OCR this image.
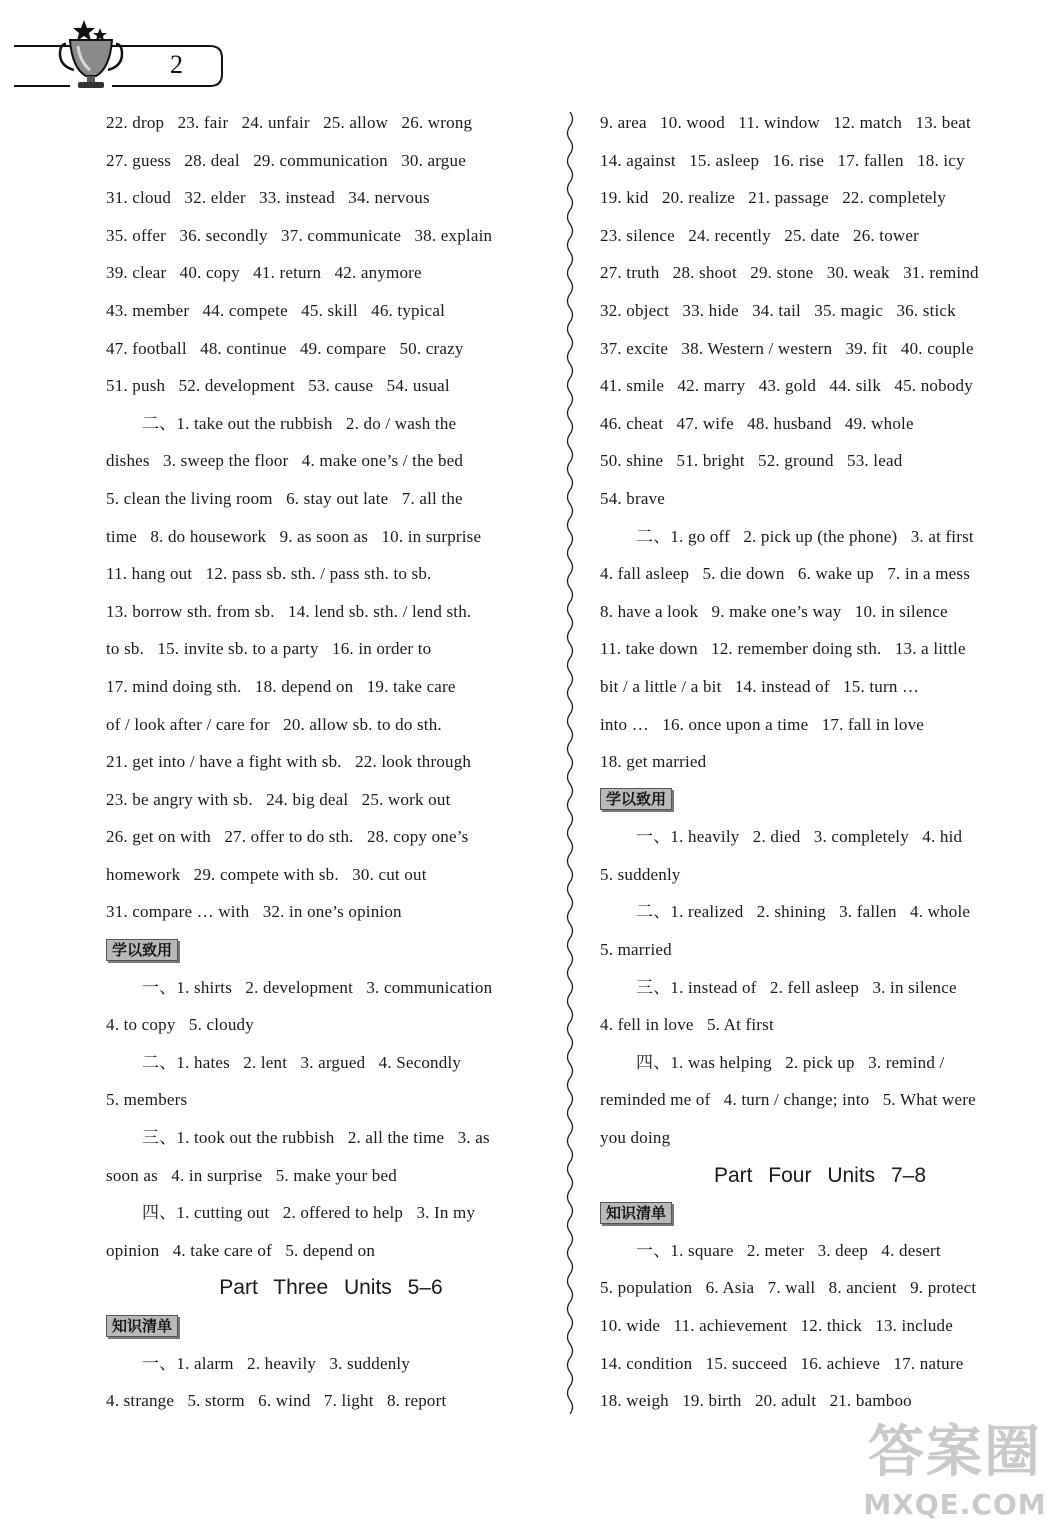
2
22. drop   23. fair   24. unfair   25. allow   26. wrong
27. guess   28. deal   29. communication   30. argue
31. cloud   32. elder   33. instead   34. nervous
35. offer   36. secondly   37. communicate   38. explain
39. clear   40. copy   41. return   42. anymore
43. member   44. compete   45. skill   46. typical
47. football   48. continue   49. compare   50. crazy
51. push   52. development   53. cause   54. usual
二、1. take out the rubbish   2. do / wash the
dishes   3. sweep the floor   4. make one’s / the bed
5. clean the living room   6. stay out late   7. all the
time   8. do housework   9. as soon as   10. in surprise
11. hang out   12. pass sb. sth. / pass sth. to sb.
13. borrow sth. from sb.   14. lend sb. sth. / lend sth.
to sb.   15. invite sb. to a party   16. in order to
17. mind doing sth.   18. depend on   19. take care
of / look after / care for   20. allow sb. to do sth.
21. get into / have a fight with sb.   22. look through
23. be angry with sb.   24. big deal   25. work out
26. get on with   27. offer to do sth.   28. copy one’s
homework   29. compete with sb.   30. cut out
31. compare … with   32. in one’s opinion
学以致用
一、1. shirts   2. development   3. communication
4. to copy   5. cloudy
二、1. hates   2. lent   3. argued   4. Secondly
5. members
三、1. took out the rubbish   2. all the time   3. as
soon as   4. in surprise   5. make your bed
四、1. cutting out   2. offered to help   3. In my
opinion   4. take care of   5. depend on
Part Three Units 5–6
知识清单
一、1. alarm   2. heavily   3. suddenly
4. strange   5. storm   6. wind   7. light   8. report
9. area   10. wood   11. window   12. match   13. beat
14. against   15. asleep   16. rise   17. fallen   18. icy
19. kid   20. realize   21. passage   22. completely
23. silence   24. recently   25. date   26. tower
27. truth   28. shoot   29. stone   30. weak   31. remind
32. object   33. hide   34. tail   35. magic   36. stick
37. excite   38. Western / western   39. fit   40. couple
41. smile   42. marry   43. gold   44. silk   45. nobody
46. cheat   47. wife   48. husband   49. whole
50. shine   51. bright   52. ground   53. lead
54. brave
二、1. go off   2. pick up (the phone)   3. at first
4. fall asleep   5. die down   6. wake up   7. in a mess
8. have a look   9. make one’s way   10. in silence
11. take down   12. remember doing sth.   13. a little
bit / a little / a bit   14. instead of   15. turn …
into …   16. once upon a time   17. fall in love
18. get married
学以致用
一、1. heavily   2. died   3. completely   4. hid
5. suddenly
二、1. realized   2. shining   3. fallen   4. whole
5. married
三、1. instead of   2. fell asleep   3. in silence
4. fell in love   5. At first
四、1. was helping   2. pick up   3. remind /
reminded me of   4. turn / change; into   5. What were
you doing
Part Four Units 7–8
知识清单
一、1. square   2. meter   3. deep   4. desert
5. population   6. Asia   7. wall   8. ancient   9. protect
10. wide   11. achievement   12. thick   13. include
14. condition   15. succeed   16. achieve   17. nature
18. weigh   19. birth   20. adult   21. bamboo
答案圈
MXQE.COM
